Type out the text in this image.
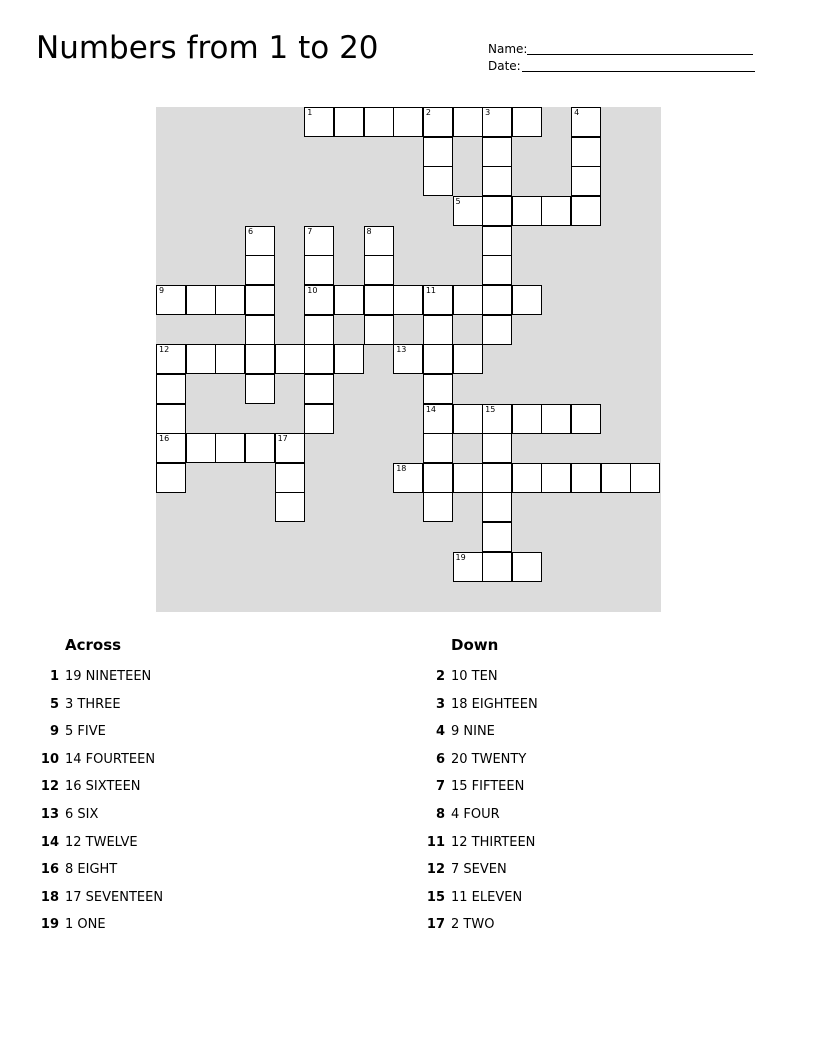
Numbers from 1 to 20	Name:
Date:
1	2	3	4
5
6	7	8
9	10	11
12	13
14	15
16	17
18
19
Across
1 19 NINETEEN
5 3 THREE
9 5 FIVE
10 14 FOURTEEN
12 16 SIXTEEN
13 6 SIX
14 12 TWELVE
16 8 EIGHT
18 17 SEVENTEEN
19 1 ONE
Down
2 10 TEN
3 18 EIGHTEEN
4 9 NINE
6 20 TWENTY
7 15 FIFTEEN
8 4 FOUR
11 12 THIRTEEN
12 7 SEVEN
15 11 ELEVEN
17 2 TWO
